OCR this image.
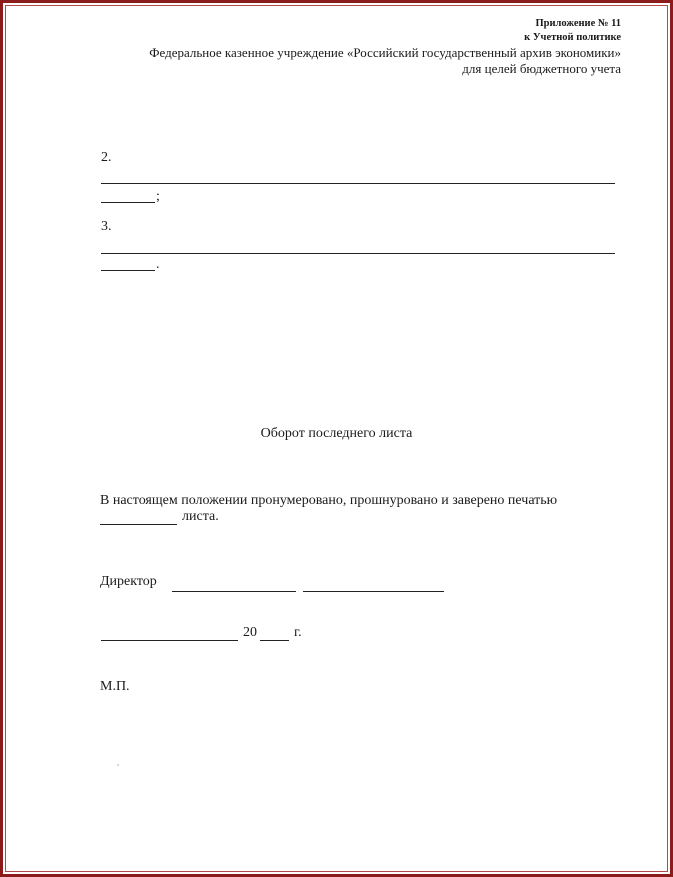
Приложение № 11
к Учетной политике
Федеральное казенное учреждение «Российский государственный архив экономики»
для целей бюджетного учета
2.
;
3.
.
Оборот последнего листа
В настоящем положении пронумеровано, прошнуровано и заверено печатью
листа.
Директор
20	г.
М.П.
